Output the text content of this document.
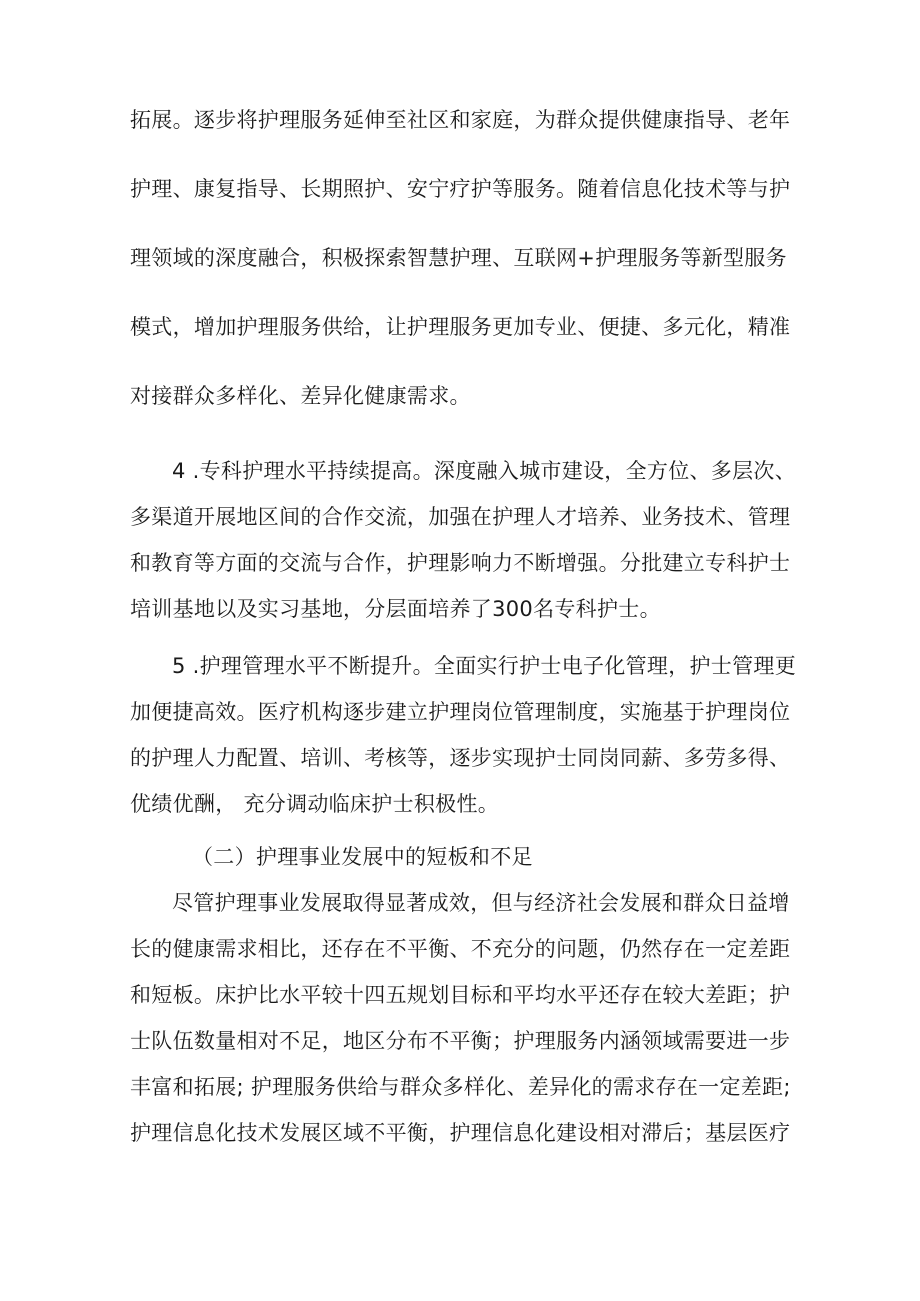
拓展。逐步将护理服务延伸至社区和家庭，为群众提供健康指导、老年
护理、康复指导、长期照护、安宁疗护等服务。随着信息化技术等与护
理领域的深度融合，积极探索智慧护理、互联网+护理服务等新型服务
模式，增加护理服务供给，让护理服务更加专业、便捷、多元化，精准
对接群众多样化、差异化健康需求。
4 .专科护理水平持续提高。深度融入城市建设，全方位、多层次、
多渠道开展地区间的合作交流，加强在护理人才培养、业务技术、管理
和教育等方面的交流与合作，护理影响力不断增强。分批建立专科护士
培训基地以及实习基地，分层面培养了300名专科护士。
5 .护理管理水平不断提升。全面实行护士电子化管理，护士管理更
加便捷高效。医疗机构逐步建立护理岗位管理制度，实施基于护理岗位
的护理人力配置、培训、考核等，逐步实现护士同岗同薪、多劳多得、
优绩优酬， 充分调动临床护士积极性。
（二）护理事业发展中的短板和不足
尽管护理事业发展取得显著成效，但与经济社会发展和群众日益增
长的健康需求相比，还存在不平衡、不充分的问题，仍然存在一定差距
和短板。床护比水平较十四五规划目标和平均水平还存在较大差距；护
士队伍数量相对不足，地区分布不平衡；护理服务内涵领域需要进一步
丰富和拓展; 护理服务供给与群众多样化、差异化的需求存在一定差距;
护理信息化技术发展区域不平衡，护理信息化建设相对滞后；基层医疗
